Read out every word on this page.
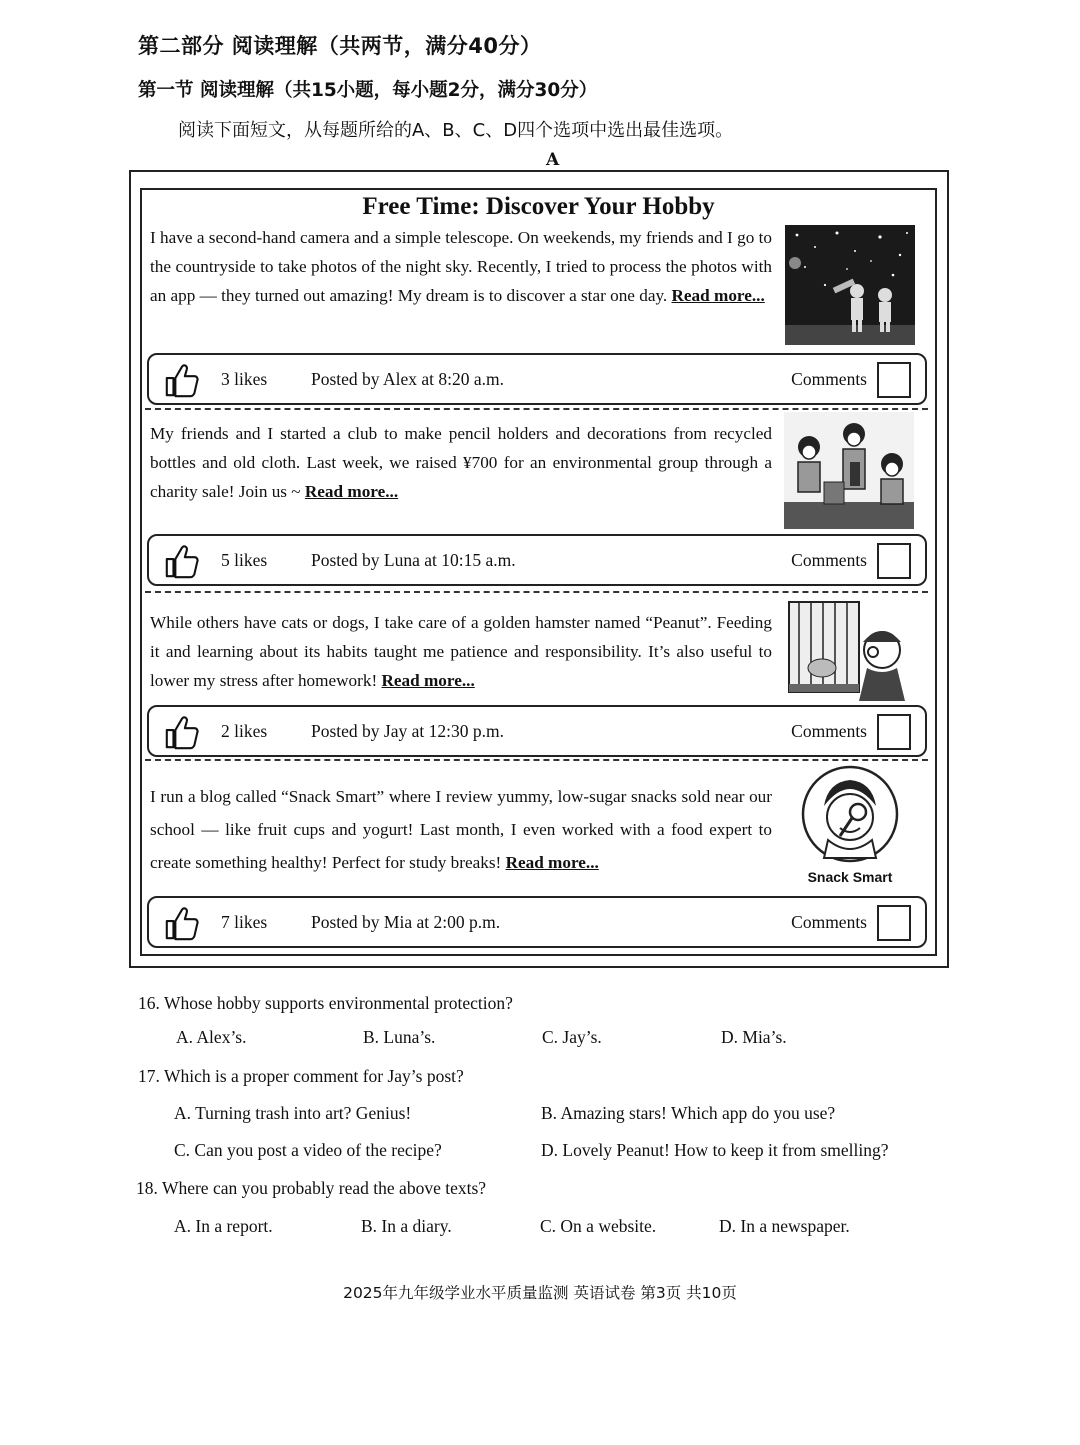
第二部分 阅读理解（共两节，满分40分）
第一节 阅读理解（共15小题，每小题2分，满分30分）
阅读下面短文，从每题所给的A、B、C、D四个选项中选出最佳选项。
A
Free Time: Discover Your Hobby
I have a second-hand camera and a simple telescope. On weekends, my friends and I go to the countryside to take photos of the night sky. Recently, I tried to process the photos with an app — they turned out amazing! My dream is to discover a star one day. Read more...
3 likes	Posted by Alex at 8:20 a.m.	Comments
My friends and I started a club to make pencil holders and decorations from recycled bottles and old cloth. Last week, we raised ¥700 for an environmental group through a charity sale! Join us ~ Read more...
5 likes	Posted by Luna at 10:15 a.m.	Comments
While others have cats or dogs, I take care of a golden hamster named “Peanut”. Feeding it and learning about its habits taught me patience and responsibility. It’s also useful to lower my stress after homework! Read more...
2 likes	Posted by Jay at 12:30 p.m.	Comments
I run a blog called “Snack Smart” where I review yummy, low-sugar snacks sold near our school — like fruit cups and yogurt! Last month, I even worked with a food expert to create something healthy! Perfect for study breaks! Read more...
Snack Smart
7 likes	Posted by Mia at 2:00 p.m.	Comments
16. Whose hobby supports environmental protection?
A. Alex’s.	B. Luna’s.	C. Jay’s.	D. Mia’s.
17. Which is a proper comment for Jay’s post?
A. Turning trash into art? Genius!	B. Amazing stars! Which app do you use?
C. Can you post a video of the recipe?	D. Lovely Peanut! How to keep it from smelling?
18. Where can you probably read the above texts?
A. In a report.	B. In a diary.	C. On a website.	D. In a newspaper.
2025年九年级学业水平质量监测 英语试卷 第3页 共10页
